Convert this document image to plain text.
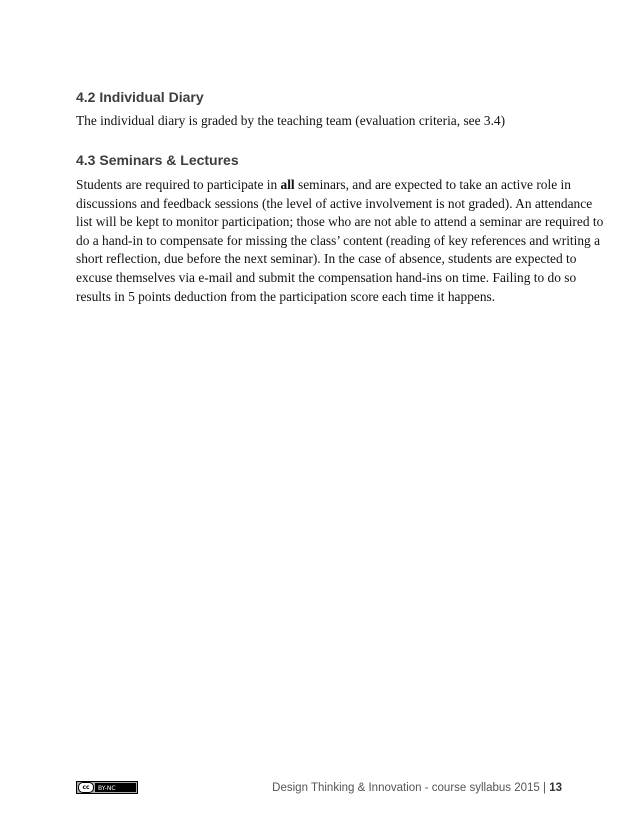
4.2 Individual Diary

The individual diary is graded by the teaching team (evaluation criteria, see 3.4)

4.3 Seminars & Lectures

Students are required to participate in all seminars, and are expected to take an active role in
discussions and feedback sessions (the level of active involvement is not graded). An attendance
list will be kept to monitor participation; those who are not able to attend a seminar are required to
do a hand-in to compensate for missing the class’ content (reading of key references and writing a
short reflection, due before the next seminar). In the case of absence, students are expected to
excuse themselves via e-mail and submit the compensation hand-ins on time. Failing to do so
results in 5 points deduction from the participation score each time it happens.

cc	BY-NC	Design Thinking & Innovation - course syllabus 2015 | 13
